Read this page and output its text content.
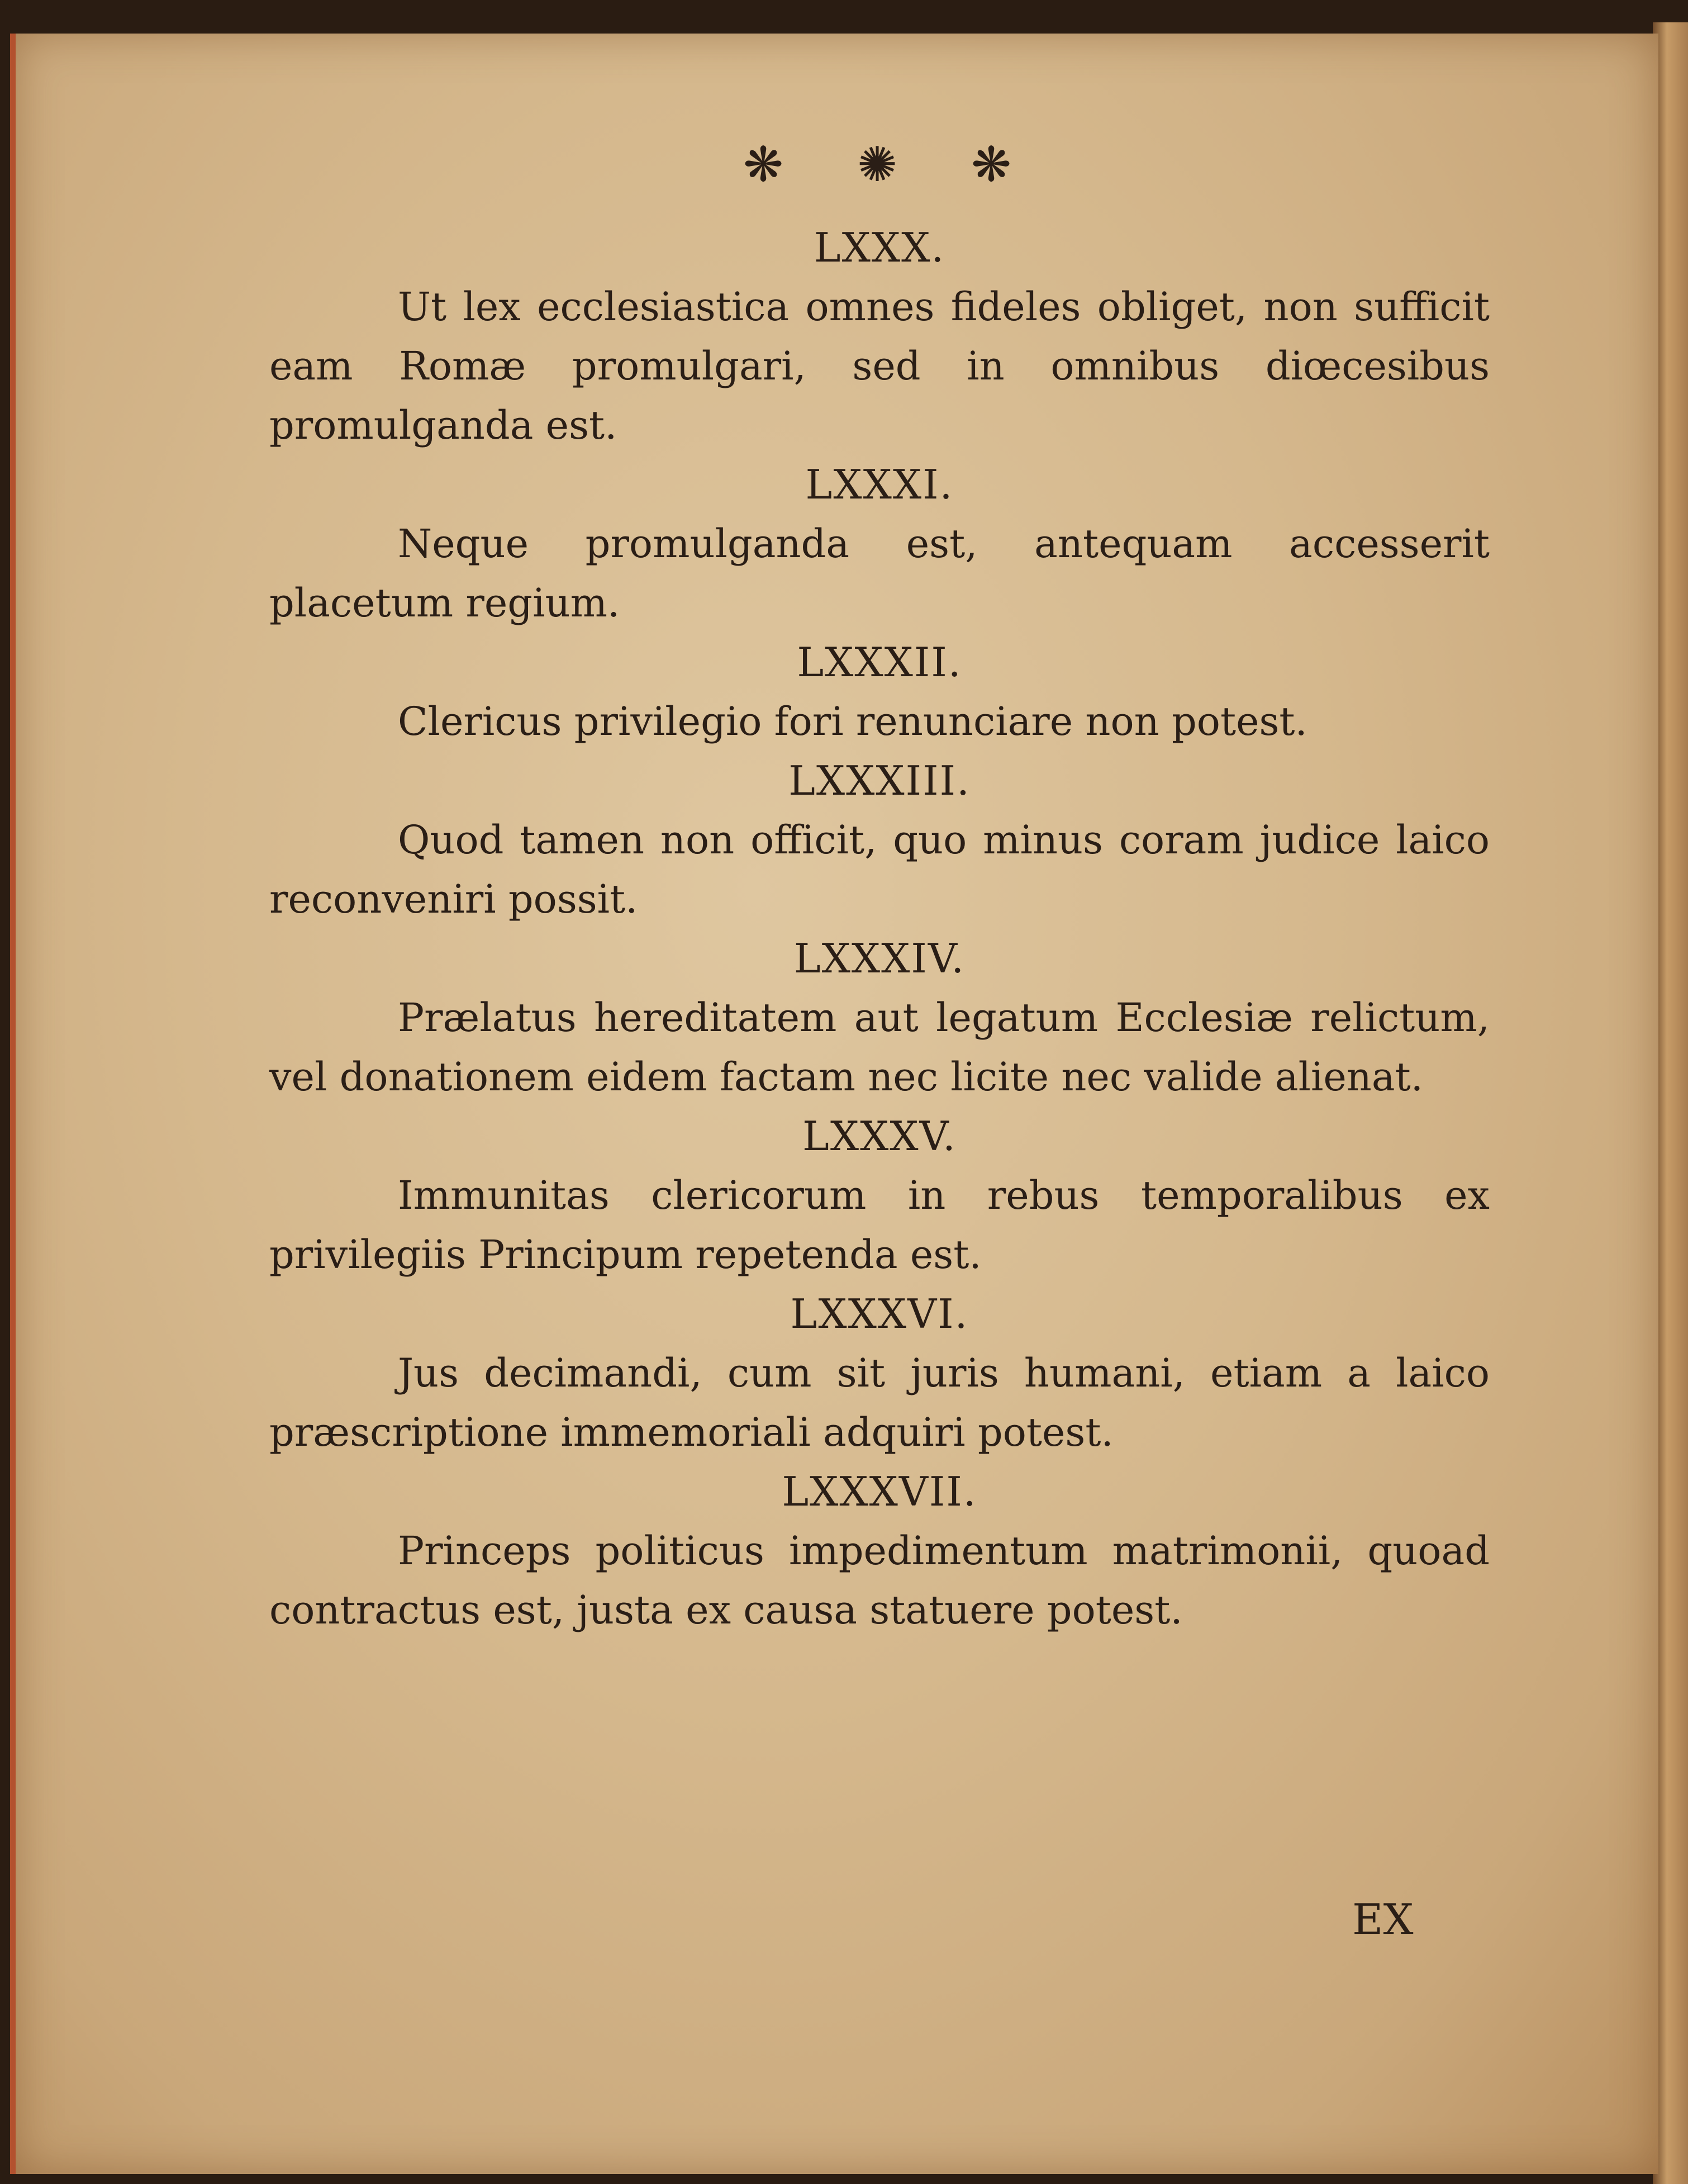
❋ ✺ ❋

LXXX.

Ut lex ecclesiastica omnes fideles obliget, non sufficit eam Romæ promulgari, sed in omnibus diœcesibus promulganda est.

LXXXI.

Neque promulganda est, antequam accesserit placetum regium.

LXXXII.

Clericus privilegio fori renunciare non potest.

LXXXIII.

Quod tamen non officit, quo minus coram judice laico reconveniri possit.

LXXXIV.

Prælatus hereditatem aut legatum Ecclesiæ relictum, vel donationem eidem factam nec licite nec valide alienat.

LXXXV.

Immunitas clericorum in rebus temporalibus ex privilegiis Principum repetenda est.

LXXXVI.

Jus decimandi, cum sit juris humani, etiam a laico præscriptione immemoriali adquiri potest.

LXXXVII.

Princeps politicus impedimentum matrimonii, quoad contractus est, justa ex causa statuere potest.

EX
